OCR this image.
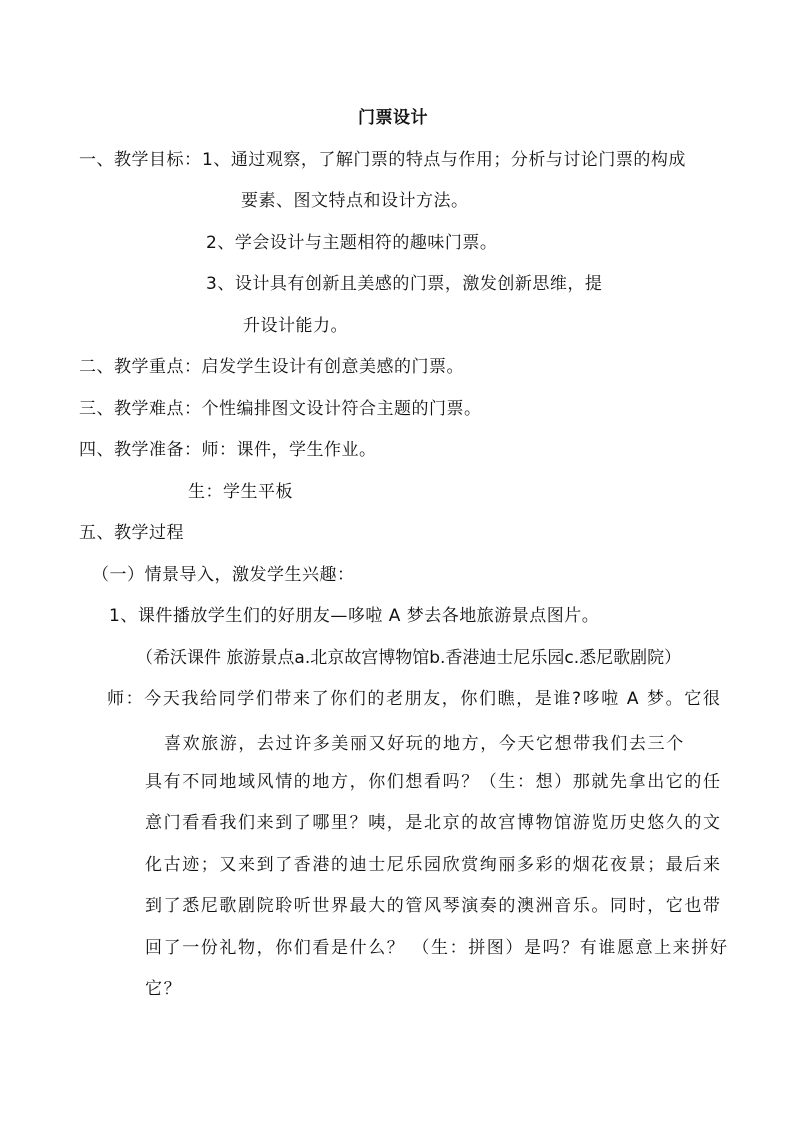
门票设计
一、教学目标： 1、通过观察，了解门票的特点与作用；分析与讨论门票的构成
要素、图文特点和设计方法。
2、学会设计与主题相符的趣味门票。
3、设计具有创新且美感的门票，激发创新思维，提
升设计能力。
二、教学重点：启发学生设计有创意美感的门票。
三、教学难点：个性编排图文设计符合主题的门票。
四、教学准备：师：课件，学生作业。
生：学生平板
五、教学过程
（一）情景导入，激发学生兴趣：
1、课件播放学生们的好朋友—哆啦 A 梦去各地旅游景点图片。
（希沃课件 旅游景点a.北京故宫博物馆b.香港迪士尼乐园c.悉尼歌剧院）
师：今天我给同学们带来了你们的老朋友，你们瞧，是谁?哆啦 A 梦。它很
喜欢旅游，去过许多美丽又好玩的地方，今天它想带我们去三个
具有不同地域风情的地方，你们想看吗？（生：想）那就先拿出它的任
意门看看我们来到了哪里？咦，是北京的故宫博物馆游览历史悠久的文
化古迹；又来到了香港的迪士尼乐园欣赏绚丽多彩的烟花夜景；最后来
到了悉尼歌剧院聆听世界最大的管风琴演奏的澳洲音乐。同时，它也带
回了一份礼物，你们看是什么？ （生：拼图）是吗？有谁愿意上来拼好
它？
